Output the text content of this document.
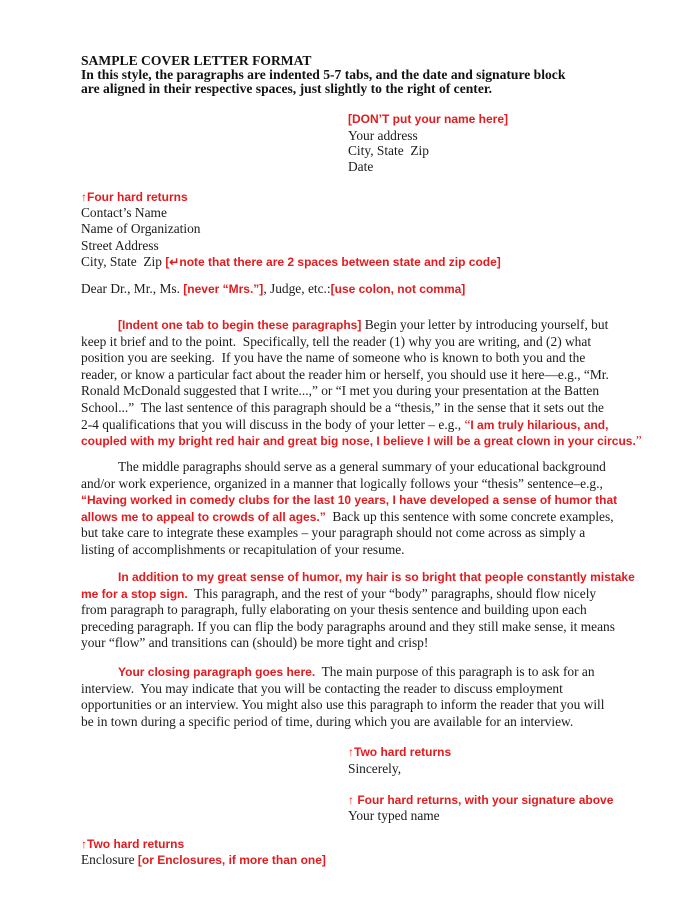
SAMPLE COVER LETTER FORMAT
In this style, the paragraphs are indented 5-7 tabs, and the date and signature block
are aligned in their respective spaces, just slightly to the right of center.
[DON’T put your name here]
Your address
City, State  Zip
Date
↑Four hard returns
Contact’s Name
Name of Organization
Street Address
City, State  Zip [↵note that there are 2 spaces between state and zip code]
Dear Dr., Mr., Ms. [never “Mrs.”], Judge, etc.:[use colon, not comma]
[Indent one tab to begin these paragraphs] Begin your letter by introducing yourself, but
keep it brief and to the point.  Specifically, tell the reader (1) why you are writing, and (2) what
position you are seeking.  If you have the name of someone who is known to both you and the
reader, or know a particular fact about the reader him or herself, you should use it here—e.g., “Mr.
Ronald McDonald suggested that I write...,” or “I met you during your presentation at the Batten
School...”  The last sentence of this paragraph should be a “thesis,” in the sense that it sets out the
2-4 qualifications that you will discuss in the body of your letter – e.g., “I am truly hilarious, and,
coupled with my bright red hair and great big nose, I believe I will be a great clown in your circus.”
The middle paragraphs should serve as a general summary of your educational background
and/or work experience, organized in a manner that logically follows your “thesis” sentence–e.g.,
“Having worked in comedy clubs for the last 10 years, I have developed a sense of humor that
allows me to appeal to crowds of all ages.”  Back up this sentence with some concrete examples,
but take care to integrate these examples – your paragraph should not come across as simply a
listing of accomplishments or recapitulation of your resume.
In addition to my great sense of humor, my hair is so bright that people constantly mistake
me for a stop sign.  This paragraph, and the rest of your “body” paragraphs, should flow nicely
from paragraph to paragraph, fully elaborating on your thesis sentence and building upon each
preceding paragraph. If you can flip the body paragraphs around and they still make sense, it means
your “flow” and transitions can (should) be more tight and crisp!
Your closing paragraph goes here.  The main purpose of this paragraph is to ask for an
interview.  You may indicate that you will be contacting the reader to discuss employment
opportunities or an interview. You might also use this paragraph to inform the reader that you will
be in town during a specific period of time, during which you are available for an interview.
↑Two hard returns
Sincerely,

↑ Four hard returns, with your signature above
Your typed name
↑Two hard returns
Enclosure [or Enclosures, if more than one]
